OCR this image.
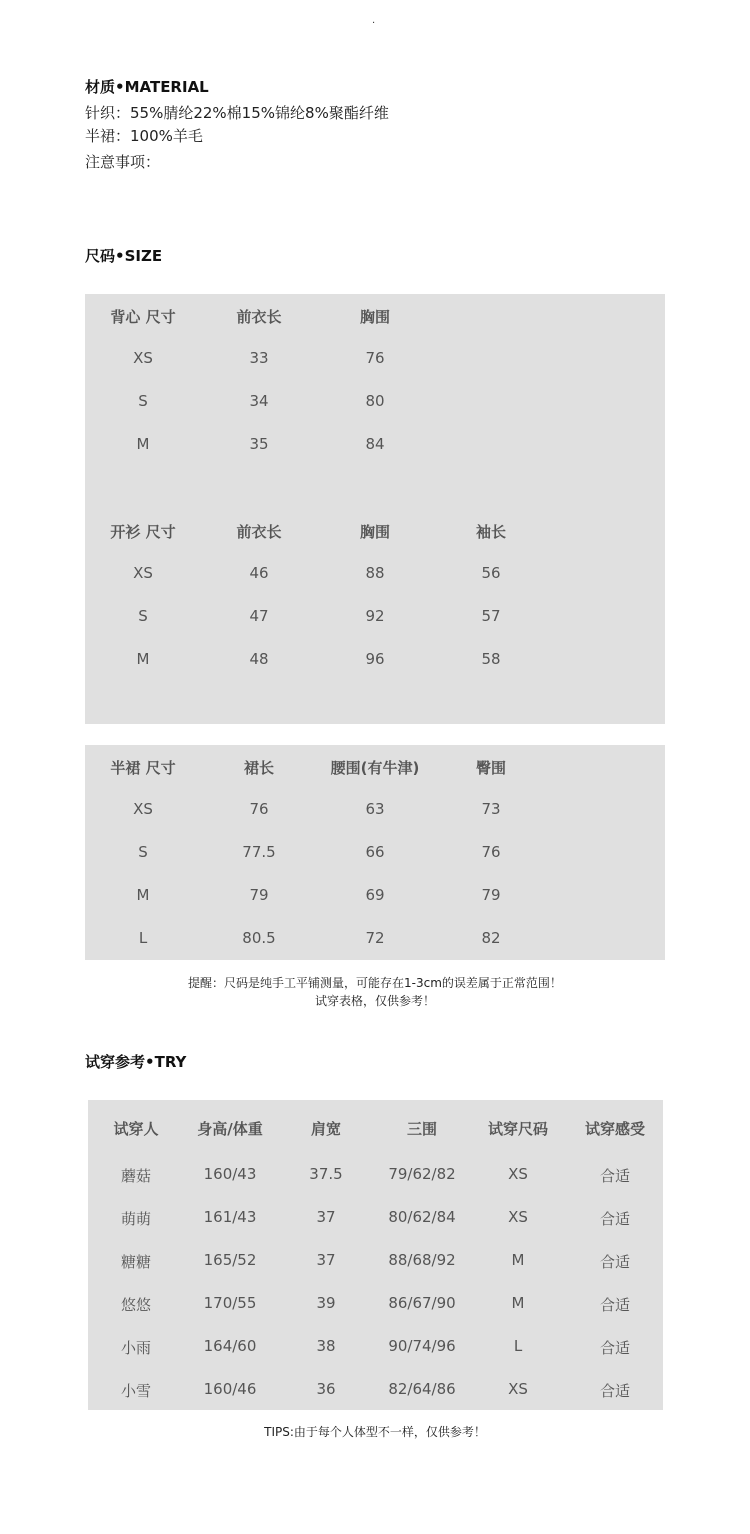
·
材质•MATERIAL
针织：55%腈纶22%棉15%锦纶8%聚酯纤维
半裙：100%羊毛
注意事项：
尺码•SIZE
背心 尺寸	前衣长	胸围
XS	33	76
S	34	80
M	35	84
开衫 尺寸	前衣长	胸围	袖长
XS	46	88	56
S	47	92	57
M	48	96	58
半裙 尺寸	裙长	腰围(有牛津)	臀围
XS	76	63	73
S	77.5	66	76
M	79	69	79
L	80.5	72	82
提醒：尺码是纯手工平铺测量，可能存在1-3cm的误差属于正常范围！
试穿表格，仅供参考！
试穿参考•TRY
试穿人	身高/体重	肩宽	三围	试穿尺码	试穿感受
蘑菇	160/43	37.5	79/62/82	XS	合适
萌萌	161/43	37	80/62/84	XS	合适
糖糖	165/52	37	88/68/92	M	合适
悠悠	170/55	39	86/67/90	M	合适
小雨	164/60	38	90/74/96	L	合适
小雪	160/46	36	82/64/86	XS	合适
TIPS:由于每个人体型不一样，仅供参考！
